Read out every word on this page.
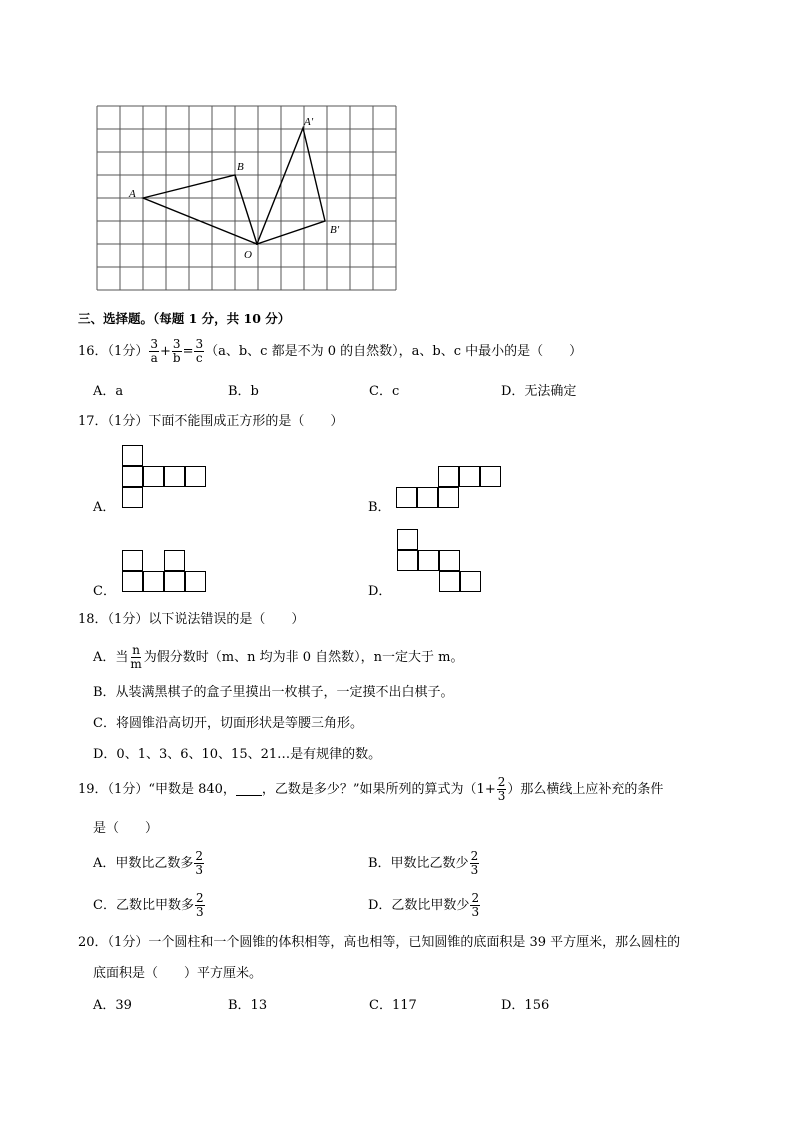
A
B
O
A′
B′
三、选择题。（每题 1 分，共 10 分）
16．（1分） $\frac{3}{a} + \frac{3}{b} = \frac{3}{c} (a$、b、c 都是不为 0 的自然数），a、b、c 中最小的是（　　）
A．a	B．b	C．c	D．无法确定
17．（1分）下面不能围成正方形的是（　　）
A．	B．
C．	D．
18．（1分）以下说法错误的是（　　）
A．当 $\frac{n}{m}$ 为假分数时（m、n 均为非 0 自然数），n一定大于 m。
B．从装满黑棋子的盒子里摸出一枚棋子，一定摸不出白棋子。
C．将圆锥沿高切开，切面形状是等腰三角形。
D．0、1、3、6、10、15、21…是有规律的数。
19．（1分）“甲数是 840， ，乙数是多少？”如果所列的算式为（$1+ \frac{2}{3}$ ）那么横线上应补充的条件
是（　　）
A．甲数比乙数多 $\frac{2}{3}$	B．甲数比乙数少 $\frac{2}{3}$
C．乙数比甲数多 $\frac{2}{3}$	D．乙数比甲数少 $\frac{2}{3}$
20．（1分）一个圆柱和一个圆锥的体积相等，高也相等，已知圆锥的底面积是 39 平方厘米，那么圆柱的
底面积是（　　）平方厘米。
A．39	B．13	C．117	D．156
